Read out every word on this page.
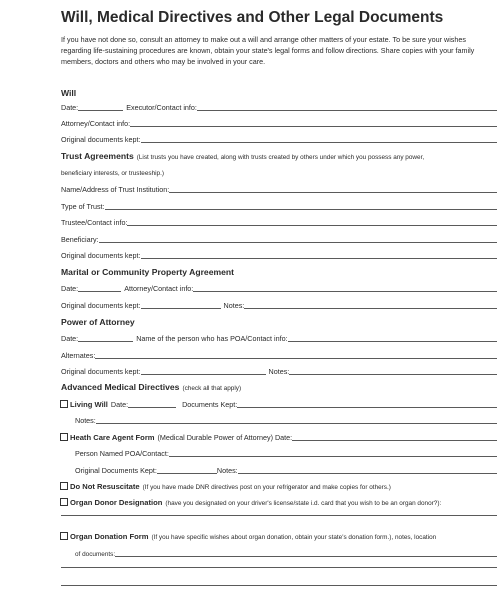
Will, Medical Directives and Other Legal Documents
If you have not done so, consult an attorney to make out a will and arrange other matters of your estate. To be sure your wishes regarding life-sustaining procedures are known, obtain your state's legal forms and follow directions. Share copies with your family members, doctors and others who may be involved in your care.
Will
Date:	Executor/Contact info:
Attorney/Contact info:
Original documents kept:
Trust Agreements (List trusts you have created, along with trusts created by others under which you possess any power,
beneficiary interests, or trusteeship.)
Name/Address of Trust Institution:
Type of Trust:
Trustee/Contact info:
Beneficiary:
Original documents kept:
Marital or Community Property Agreement
Date:	Attorney/Contact info:
Original documents kept:	Notes:
Power of Attorney
Date:	Name of the person who has POA/Contact info:
Alternates:
Original documents kept:	Notes:
Advanced Medical Directives (check all that apply)
Living Will Date:	Documents Kept:
Notes:
Heath Care Agent Form (Medical Durable Power of Attorney) Date:
Person Named POA/Contact:
Original Documents Kept:	Notes:
Do Not Resuscitate (If you have made DNR directives post on your refrigerator and make copies for others.)
Organ Donor Designation (have you designated on your driver's license/state i.d. card that you wish to be an organ donor?):
Organ Donation Form (If you have specific wishes about organ donation, obtain your state's donation form.), notes, location
of documents:
